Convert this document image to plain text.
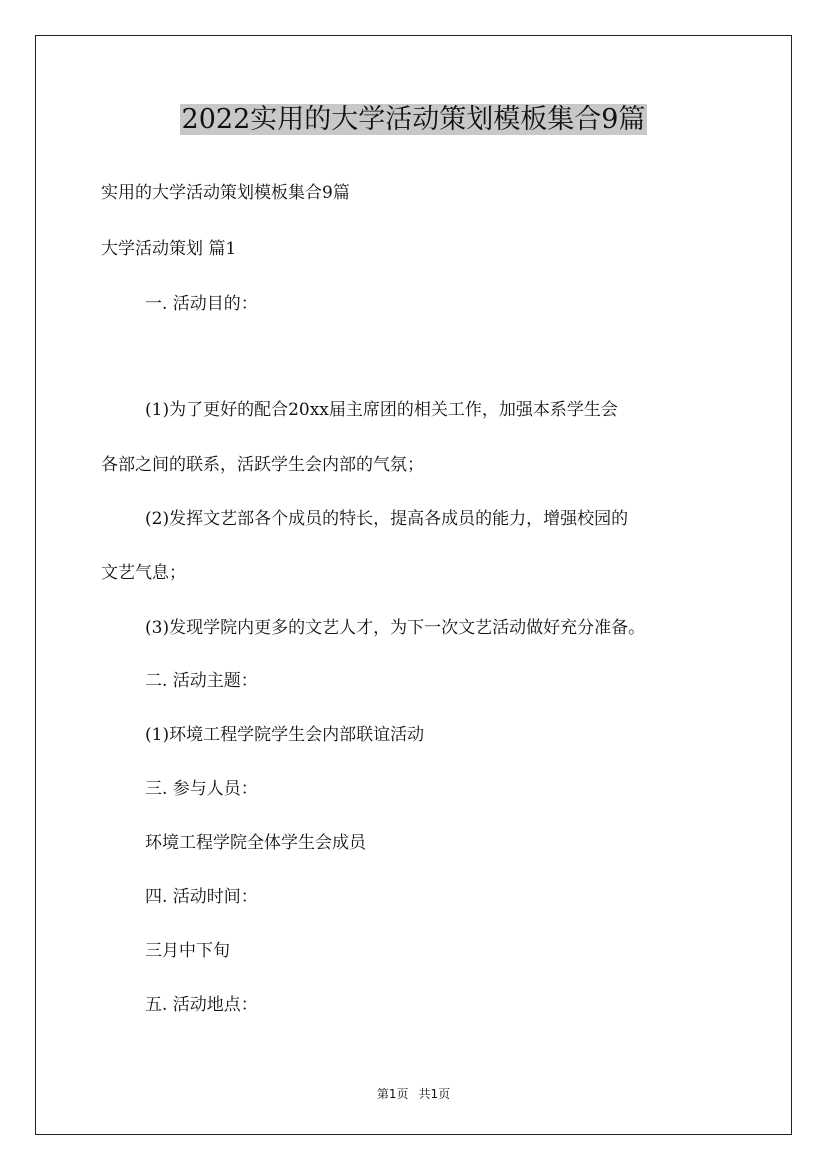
2022实用的大学活动策划模板集合9篇
实用的大学活动策划模板集合9篇
大学活动策划 篇1
一. 活动目的：
(1)为了更好的配合20xx届主席团的相关工作，加强本系学生会
各部之间的联系，活跃学生会内部的气氛；
(2)发挥文艺部各个成员的特长，提高各成员的能力，增强校园的
文艺气息；
(3)发现学院内更多的文艺人才，为下一次文艺活动做好充分准备。
二. 活动主题：
(1)环境工程学院学生会内部联谊活动
三. 参与人员：
环境工程学院全体学生会成员
四. 活动时间：
三月中下旬
五. 活动地点：
第1页 共1页
